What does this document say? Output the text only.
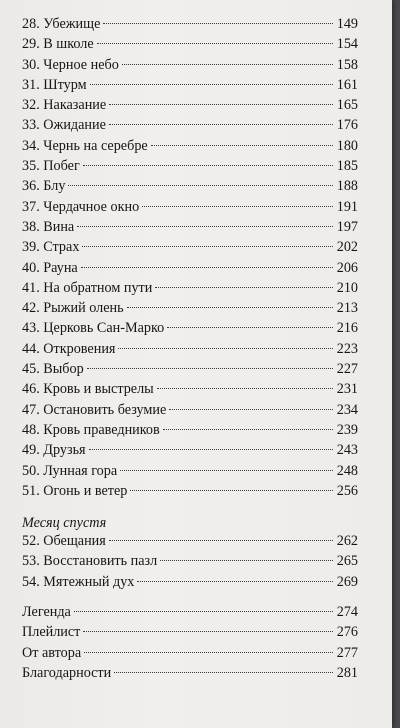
28. Убежище	149
29. В школе	154
30. Черное небо	158
31. Штурм	161
32. Наказание	165
33. Ожидание	176
34. Чернь на серебре	180
35. Побег	185
36. Блу	188
37. Чердачное окно	191
38. Вина	197
39. Страх	202
40. Рауна	206
41. На обратном пути	210
42. Рыжий олень	213
43. Церковь Сан-Марко	216
44. Откровения	223
45. Выбор	227
46. Кровь и выстрелы	231
47. Остановить безумие	234
48. Кровь праведников	239
49. Друзья	243
50. Лунная гора	248
51. Огонь и ветер	256
Месяц спустя
52. Обещания	262
53. Восстановить пазл	265
54. Мятежный дух	269
Легенда	274
Плейлист	276
От автора	277
Благодарности	281
